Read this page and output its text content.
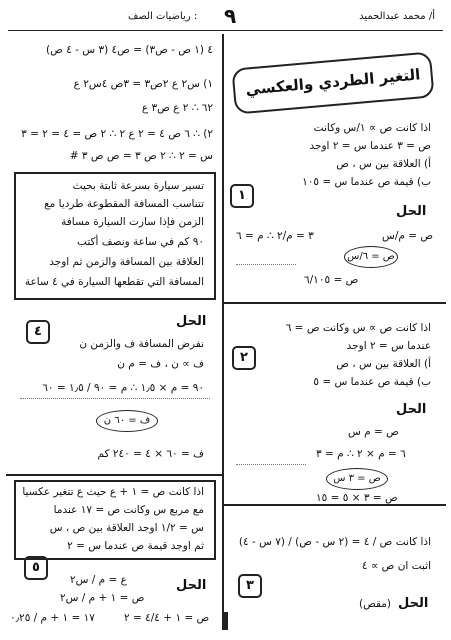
أ/ محمد عبدالحميد
٩
رياضيات الصف :
٤ (١ ص - ص٣) = ص٤ (٣ س - ٤ ص)
١) س٢ ع ٢ص٣ = ٣ص ٤س٢ ع
٦٢ ∴ ٢ ع ص٣ ع
٢) ∴ ٦ ص ٤ = ٢ ع ٢ ∴ ٢ ص = ٤ = ٢ = ٣
س = ٢ ∴ ٢ ص ٣ = ص ص ٣ #
التغير الطردي والعكسي
اذا كانت ص ∝ ١/س وكانت
ص = ٣ عندما س = ٢ اوجد
أ) العلاقة بين س ، ص
ب) قيمة ص عندما س = ١٠٥
١
الحل
٣ = م/٢ ∴ م = ٦	ص = م/س
ص = ٦/س
ص = ٦/١٠٥
تسير سيارة بسرعة ثابتة بحيث
تتناسب المسافة المقطوعة طرديا مع
الزمن فإذا سارت السيارة مسافة
٩٠ كم في ساعة ونصف أكتب
العلاقة بين المسافة والزمن ثم اوجد
المسافة التي تقطعها السيارة في ٤ ساعة
٤
الحل
نفرض المسافة ف والزمن ن
ف ∝ ن ، ف = م ن
٩٠ = م × ١٫٥ ∴ م = ٩٠ / ١٫٥ = ٦٠
ف = ٦٠ ن
ف = ٦٠ × ٤ = ٢٤٠ كم
اذا كانت ص ∝ س وكانت ص = ٦
عندما س = ٢ اوجد
أ) العلاقة بين س ، ص
ب) قيمة ص عندما س = ٥
٢
الحل
ص = م س
٦ = م × ٢ ∴ م = ٣
ص = ٣ س
ص = ٣ × ٥ = ١٥
اذا كانت ص = ١ + ع حيث ع تتغير عكسيا
مع مربع س وكانت ص = ١٧ عندما
س = ١/٢ اوجد العلاقة بين ص ، س
ثم اوجد قيمة ص عندما س = ٢
٥
الحل
ع = م / س٢
ص = ١ + م / س٢
١٧ = ١ + م / ٠٫٢٥	ص = ١ + ٤/٤ = ٢
اذا كانت ص / ٤ = (٢ س - ص) / (٧ س - ٤)
اثبت ان ص ∝ ٤
٣
الحل
(مقص)
